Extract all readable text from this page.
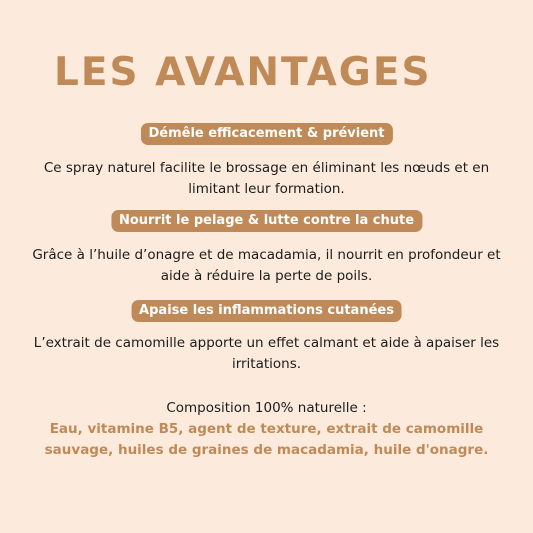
LES AVANTAGES
Démêle efficacement & prévient

Ce spray naturel facilite le brossage en éliminant les nœuds et en limitant leur formation.

Nourrit le pelage & lutte contre la chute

Grâce à l’huile d’onagre et de macadamia, il nourrit en profondeur et aide à réduire la perte de poils.

Apaise les inflammations cutanées

L’extrait de camomille apporte un effet calmant et aide à apaiser les irritations.

Composition 100% naturelle :
Eau, vitamine B5, agent de texture, extrait de camomille sauvage, huiles de graines de macadamia, huile d'onagre.
